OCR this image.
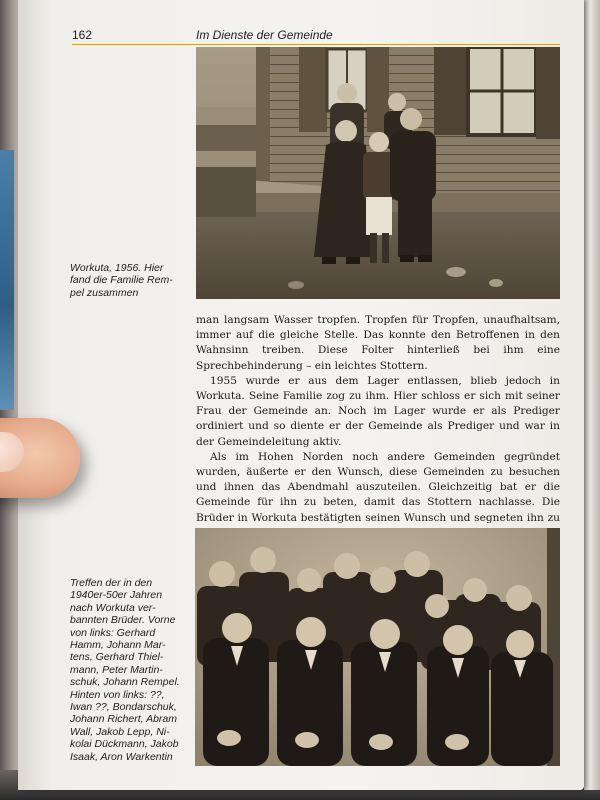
162	Im Dienste der Gemeinde
Workuta, 1956. Hier
fand die Familie Rem-
pel zusammen

man langsam Wasser tropfen. Tropfen für Tropfen, unaufhaltsam, immer auf die gleiche Stelle. Das konnte den Betroffenen in den Wahnsinn treiben. Diese Folter hinterließ bei ihm eine Sprechbehinderung – ein leichtes Stottern.

1955 wurde er aus dem Lager entlassen, blieb jedoch in Workuta. Seine Familie zog zu ihm. Hier schloss er sich mit seiner Frau der Gemeinde an. Noch im Lager wurde er als Prediger ordiniert und so diente er der Gemeinde als Prediger und war in der Gemeindeleitung aktiv.

Als im Hohen Norden noch andere Gemeinden gegründet wurden, äußerte er den Wunsch, diese Gemeinden zu besuchen und ihnen das Abendmahl auszuteilen. Gleichzeitig bat er die Gemeinde für ihn zu beten, damit das Stottern nachlasse. Die Brüder in Workuta bestätigten seinen Wunsch und segneten ihn zu

Treffen der in den
1940er-50er Jahren
nach Workuta ver-
bannten Brüder. Vorne
von links: Gerhard
Hamm, Johann Mar-
tens, Gerhard Thiel-
mann, Peter Martin-
schuk, Johann Rempel.
Hinten von links: ??,
Iwan ??, Bondarschuk,
Johann Richert, Abram
Wall, Jakob Lepp, Ni-
kolai Dückmann, Jakob
Isaak, Aron Warkentin
